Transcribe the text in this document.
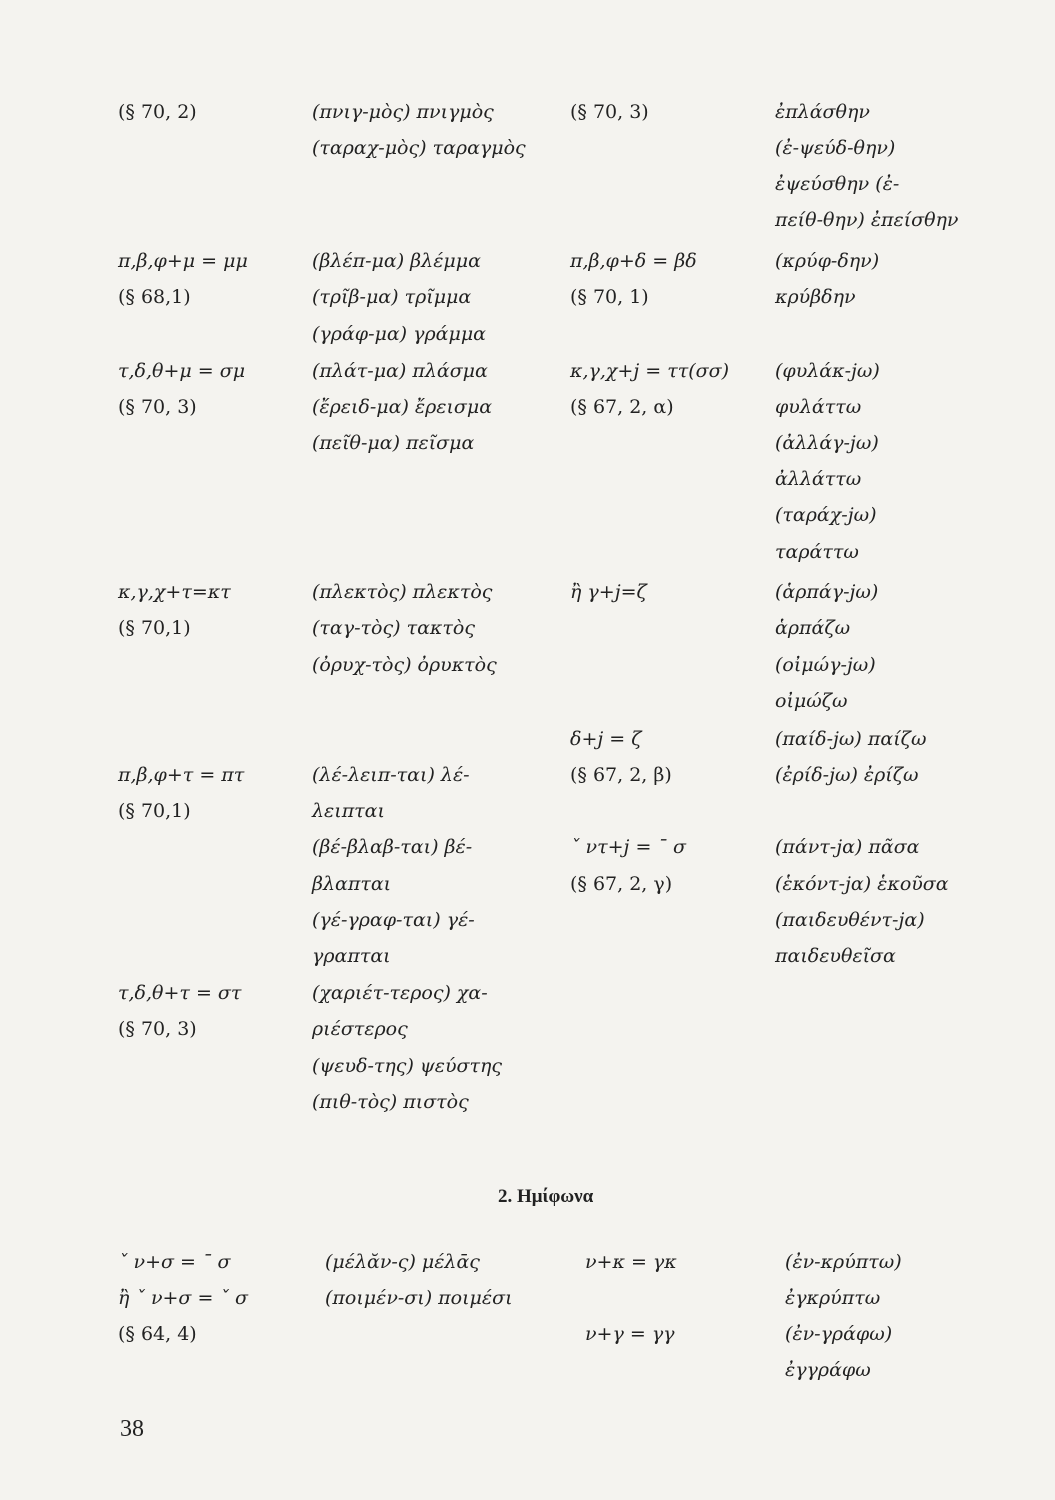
(§ 70, 2)
π,β,φ+μ = μμ
(§ 68,1)
τ,δ,θ+μ = σμ
(§ 70, 3)
κ,γ,χ+τ=κτ
(§ 70,1)
π,β,φ+τ = πτ
(§ 70,1)
τ,δ,θ+τ = στ
(§ 70, 3)
(πνιγ-μὸς) πνιγμὸς
(ταραχ-μὸς) ταραγμὸς
(βλέπ-μα) βλέμμα
(τρῖβ-μα) τρῖμμα
(γράφ-μα) γράμμα
(πλάτ-μα) πλάσμα
(ἔρειδ-μα) ἔρεισμα
(πεῖθ-μα) πεῖσμα
(πλεκτὸς) πλεκτὸς
(ταγ-τὸς) τακτὸς
(ὀρυχ-τὸς) ὀρυκτὸς
(λέ-λειπ-ται) λέ-
λειπται
(βέ-βλαβ-ται) βέ-
βλαπται
(γέ-γραφ-ται) γέ-
γραπται
(χαριέτ-τερος) χα-
ριέστερος
(ψευδ-της) ψεύστης
(πιθ-τὸς) πιστὸς
(§ 70, 3)
π,β,φ+δ = βδ
(§ 70, 1)
κ,γ,χ+j = ττ(σσ)
(§ 67, 2, α)
ἢ γ+j=ζ
δ+j = ζ
(§ 67, 2, β)
ˇ ντ+j = ˉ σ
(§ 67, 2, γ)
ἐπλάσθην
(ἐ-ψεύδ-θην)
ἐψεύσθην (ἐ-
πείθ-θην) ἐπείσθην
(κρύφ-δην)
κρύβδην
(φυλάκ-jω)
φυλάττω
(ἀλλάγ-jω)
ἀλλάττω
(ταράχ-jω)
ταράττω
(ἁρπάγ-jω)
ἁρπάζω
(οἰμώγ-jω)
οἰμώζω
(παίδ-jω) παίζω
(ἐρίδ-jω) ἐρίζω
(πάντ-jα) πᾶσα
(ἑκόντ-jα) ἑκοῦσα
(παιδευθέντ-jα)
παιδευθεῖσα
2. Ημίφωνα
ˇ ν+σ = ˉ σ
ἢ ˇ ν+σ = ˇ σ
(§ 64, 4)
(μέλᾰν-ς) μέλᾱς
(ποιμέν-σι) ποιμέσι
ν+κ = γκ
ν+γ = γγ
(ἐν-κρύπτω)
ἐγκρύπτω
(ἐν-γράφω)
ἐγγράφω
38
